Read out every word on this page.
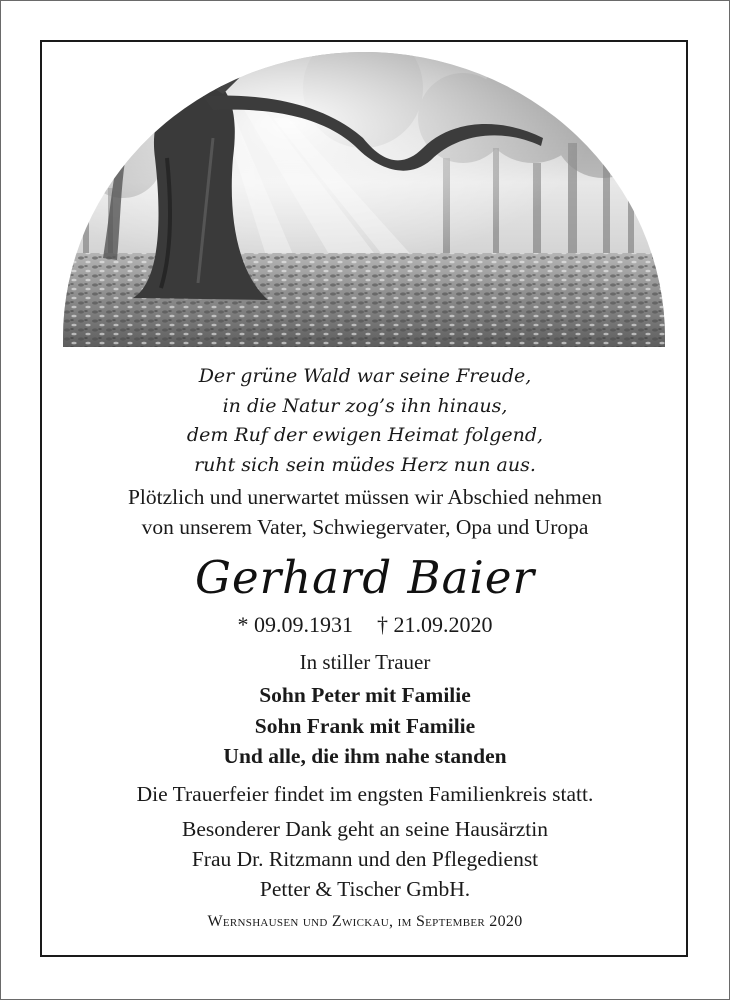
Der grüne Wald war seine Freude,
in die Natur zog’s ihn hinaus,
dem Ruf der ewigen Heimat folgend,
ruht sich sein müdes Herz nun aus.
Plötzlich und unerwartet müssen wir Abschied nehmen
von unserem Vater, Schwiegervater, Opa und Uropa
Gerhard Baier
* 09.09.1931 † 21.09.2020
In stiller Trauer
Sohn Peter mit Familie
Sohn Frank mit Familie
Und alle, die ihm nahe standen
Die Trauerfeier findet im engsten Familienkreis statt.
Besonderer Dank geht an seine Hausärztin
Frau Dr. Ritzmann und den Pflegedienst
Petter & Tischer GmbH.
Wernshausen und Zwickau, im September 2020
